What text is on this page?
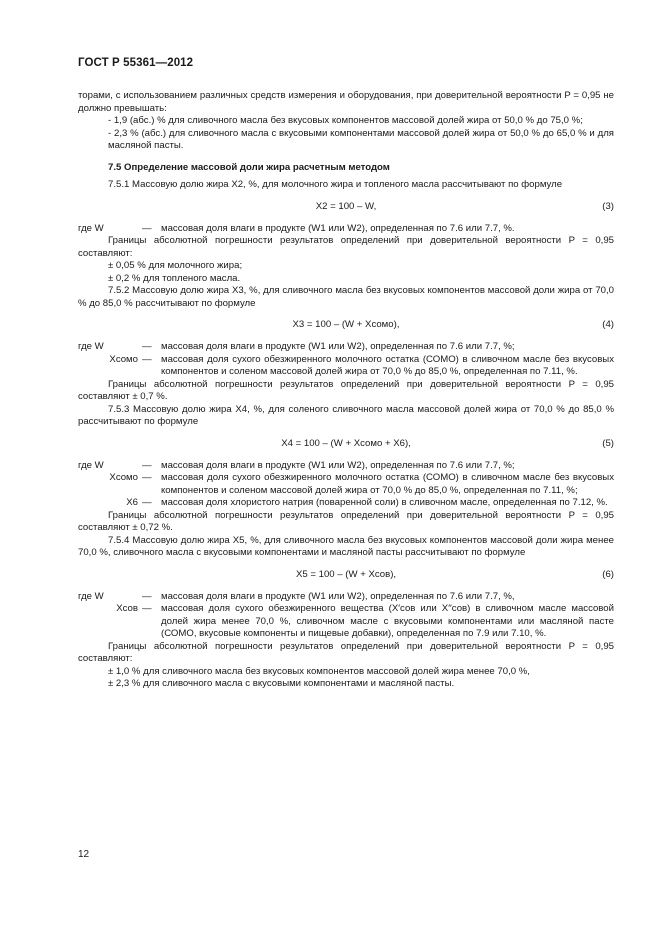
ГОСТ Р 55361—2012

торами, с использованием различных средств измерения и оборудования, при доверительной вероятности P = 0,95 не должно превышать:

- 1,9 (абс.) % для сливочного масла без вкусовых компонентов массовой долей жира от 50,0 % до 75,0 %;

- 2,3 % (абс.) для сливочного масла с вкусовыми компонентами массовой долей жира от 50,0 % до 65,0 % и для масляной пасты.

7.5 Определение массовой доли жира расчетным методом

7.5.1 Массовую долю жира X2, %, для молочного жира и топленого масла рассчитывают по формуле

X2 = 100 – W,	(3)
где W	— массовая доля влаги в продукте (W1 или W2), определенная по 7.6 или 7.7, %.

Границы абсолютной погрешности результатов определений при доверительной вероятности P = 0,95 составляют:

± 0,05 % для молочного жира;

± 0,2 % для топленого масла.

7.5.2 Массовую долю жира X3, %, для сливочного масла без вкусовых компонентов массовой доли жира от 70,0 % до 85,0 % рассчитывают по формуле

X3 = 100 – (W + Xсомо),	(4)
где W	— массовая доля влаги в продукте (W1 или W2), определенная по 7.6 или 7.7, %;
Xсомо — массовая доля сухого обезжиренного молочного остатка (СОМО) в сливочном масле без вкусовых компонентов и соленом массовой долей жира от 70,0 % до 85,0 %, определенная по 7.11, %.

Границы абсолютной погрешности результатов определений при доверительной вероятности P = 0,95 составляют ± 0,7 %.

7.5.3 Массовую долю жира X4, %, для соленого сливочного масла массовой долей жира от 70,0 % до 85,0 % рассчитывают по формуле

X4 = 100 – (W + Xсомо + X6),	(5)
где W	— массовая доля влаги в продукте (W1 или W2), определенная по 7.6 или 7.7, %;
Xсомо — массовая доля сухого обезжиренного молочного остатка (СОМО) в сливочном масле без вкусовых компонентов и соленом массовой долей жира от 70,0 % до 85,0 %, определенная по 7.11, %;
X6 — массовая доля хлористого натрия (поваренной соли) в сливочном масле, определенная по 7.12, %.

Границы абсолютной погрешности результатов определений при доверительной вероятности P = 0,95 составляют ± 0,72 %.

7.5.4 Массовую долю жира X5, %, для сливочного масла без вкусовых компонентов массовой доли жира менее 70,0 %, сливочного масла с вкусовыми компонентами и масляной пасты рассчитывают по формуле

X5 = 100 – (W + Xсов),	(6)
где W	— массовая доля влаги в продукте (W1 или W2), определенная по 7.6 или 7.7, %,
Xсов — массовая доля сухого обезжиренного вещества (X′сов или X′′сов) в сливочном масле массовой долей жира менее 70,0 %, сливочном масле с вкусовыми компонентами или масляной пасте (СОМО, вкусовые компоненты и пищевые добавки), определенная по 7.9 или 7.10, %.

Границы абсолютной погрешности результатов определений при доверительной вероятности P = 0,95 составляют:

± 1,0 % для сливочного масла без вкусовых компонентов массовой долей жира менее 70,0 %,

± 2,3 % для сливочного масла с вкусовыми компонентами и масляной пасты.

12
